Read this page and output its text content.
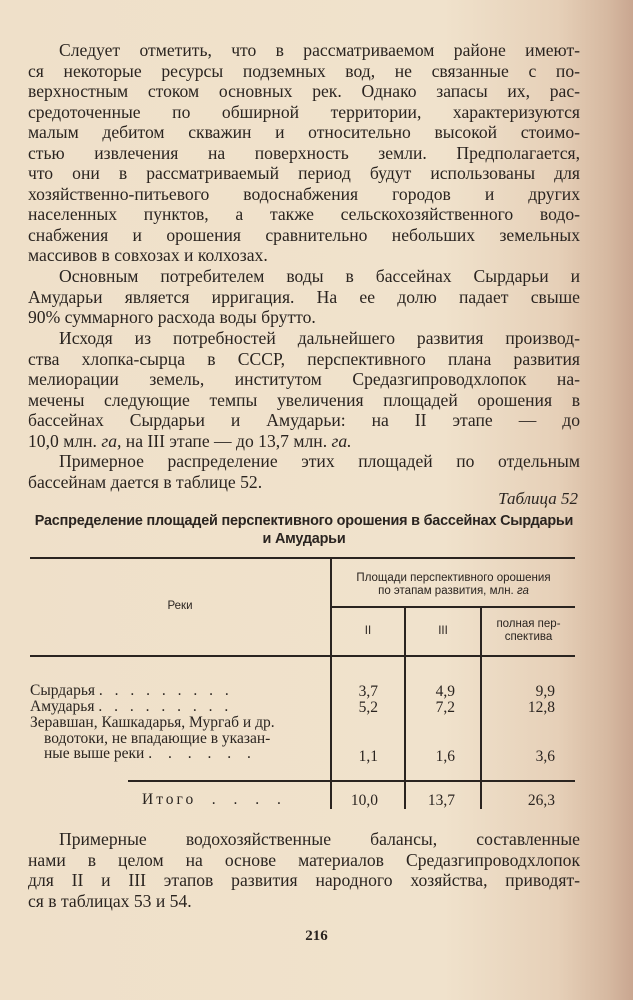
Следует отметить, что в рассматриваемом районе имеют-
ся некоторые ресурсы подземных вод, не связанные с по-
верхностным стоком основных рек. Однако запасы их, рас-
средоточенные по обширной территории, характеризуются
малым дебитом скважин и относительно высокой стоимо-
стью извлечения на поверхность земли. Предполагается,
что они в рассматриваемый период будут использованы для
хозяйственно-питьевого водоснабжения городов и других
населенных пунктов, а также сельскохозяйственного водо-
снабжения и орошения сравнительно небольших земельных
массивов в совхозах и колхозах.
Основным потребителем воды в бассейнах Сырдарьи и
Амударьи является ирригация. На ее долю падает свыше
90% суммарного расхода воды брутто.
Исходя из потребностей дальнейшего развития производ-
ства хлопка-сырца в СССР, перспективного плана развития
мелиорации земель, институтом Средазгипроводхлопок на-
мечены следующие темпы увеличения площадей орошения в
бассейнах Сырдарьи и Амударьи: на II этапе — до
10,0 млн. га, на III этапе — до 13,7 млн. га.
Примерное распределение этих площадей по отдельным
бассейнам дается в таблице 52.
Таблица 52
Распределение площадей перспективного орошения в бассейнах Сырдарьи
и Амударьи
Реки
Площади перспективного орошения
по этапам развития, млн. га
II	III
полная пер-
спектива
Сырдарья . . . . . . . . .	3,7	4,9	9,9
Амударья . . . . . . . . .	5,2	7,2	12,8
Зеравшан, Кашкадарья, Мургаб и др.
водотоки, не впадающие в указан-
ные выше реки . . . . . .	1,1	1,6	3,6
Итого . . . .	10,0	13,7	26,3
Примерные водохозяйственные балансы, составленные
нами в целом на основе материалов Средазгипроводхлопок
для II и III этапов развития народного хозяйства, приводят-
ся в таблицах 53 и 54.
216
